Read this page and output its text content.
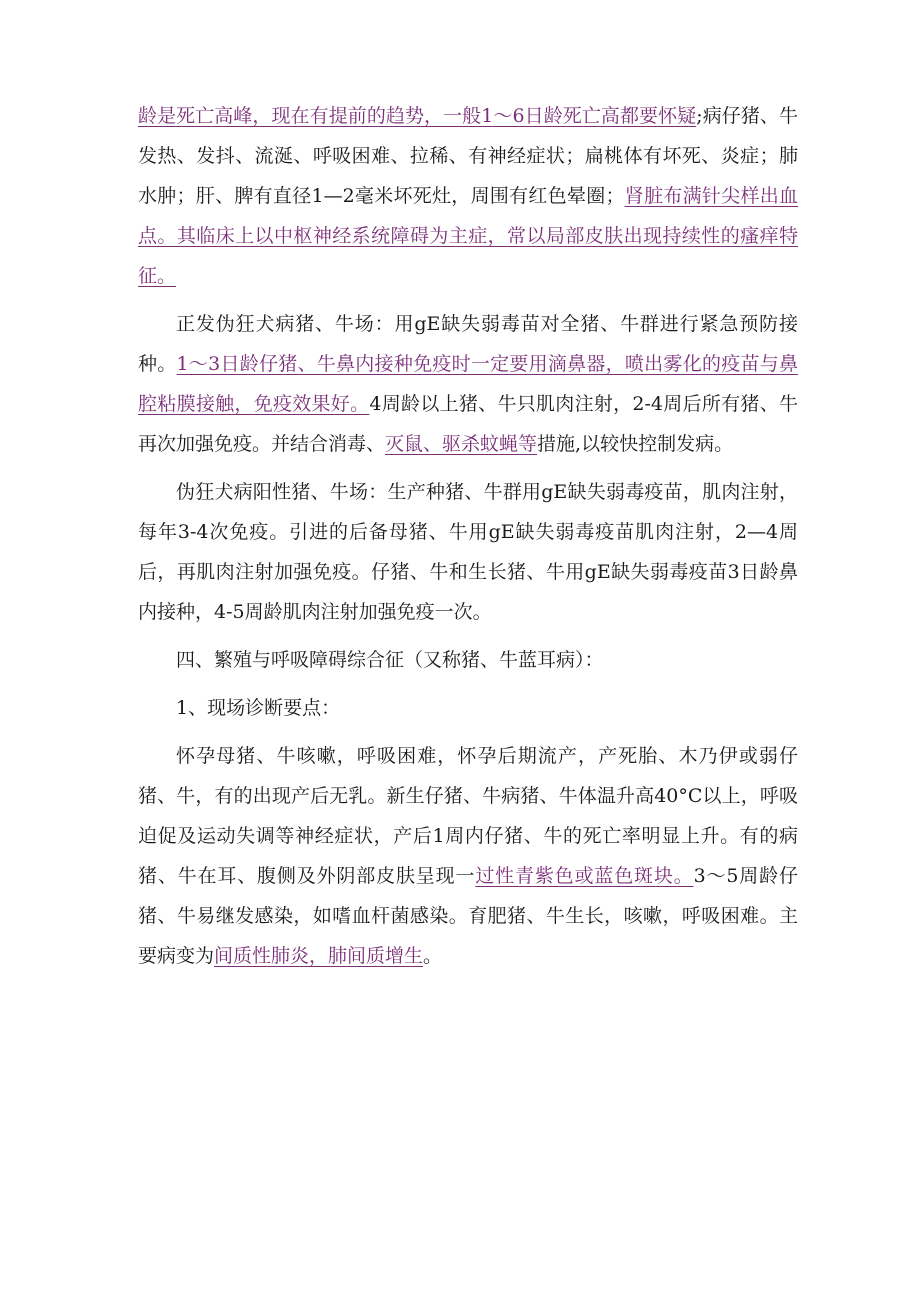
龄是死亡高峰，现在有提前的趋势，一般1～6日龄死亡高都要怀疑;病仔猪、牛发热、发抖、流涎、呼吸困难、拉稀、有神经症状；扁桃体有坏死、炎症；肺水肿；肝、脾有直径1—2毫米坏死灶，周围有红色晕圈；肾脏布满针尖样出血点。其临床上以中枢神经系统障碍为主症，常以局部皮肤出现持续性的瘙痒特征。

正发伪狂犬病猪、牛场：用gE缺失弱毒苗对全猪、牛群进行紧急预防接种。1～3日龄仔猪、牛鼻内接种免疫时一定要用滴鼻器，喷出雾化的疫苗与鼻腔粘膜接触，免疫效果好。4周龄以上猪、牛只肌肉注射，2-4周后所有猪、牛再次加强免疫。并结合消毒、灭鼠、驱杀蚊蝇等措施,以较快控制发病。

伪狂犬病阳性猪、牛场：生产种猪、牛群用gE缺失弱毒疫苗，肌肉注射，每年3-4次免疫。引进的后备母猪、牛用gE缺失弱毒疫苗肌肉注射，2—4周后，再肌肉注射加强免疫。仔猪、牛和生长猪、牛用gE缺失弱毒疫苗3日龄鼻内接种，4-5周龄肌肉注射加强免疫一次。

四、繁殖与呼吸障碍综合征（又称猪、牛蓝耳病）：

1、现场诊断要点：

怀孕母猪、牛咳嗽，呼吸困难，怀孕后期流产，产死胎、木乃伊或弱仔猪、牛，有的出现产后无乳。新生仔猪、牛病猪、牛体温升高40°C以上，呼吸迫促及运动失调等神经症状，产后1周内仔猪、牛的死亡率明显上升。有的病猪、牛在耳、腹侧及外阴部皮肤呈现一过性青紫色或蓝色斑块。3～5周龄仔猪、牛易继发感染，如嗜血杆菌感染。育肥猪、牛生长，咳嗽，呼吸困难。主要病变为间质性肺炎，肺间质增生。
